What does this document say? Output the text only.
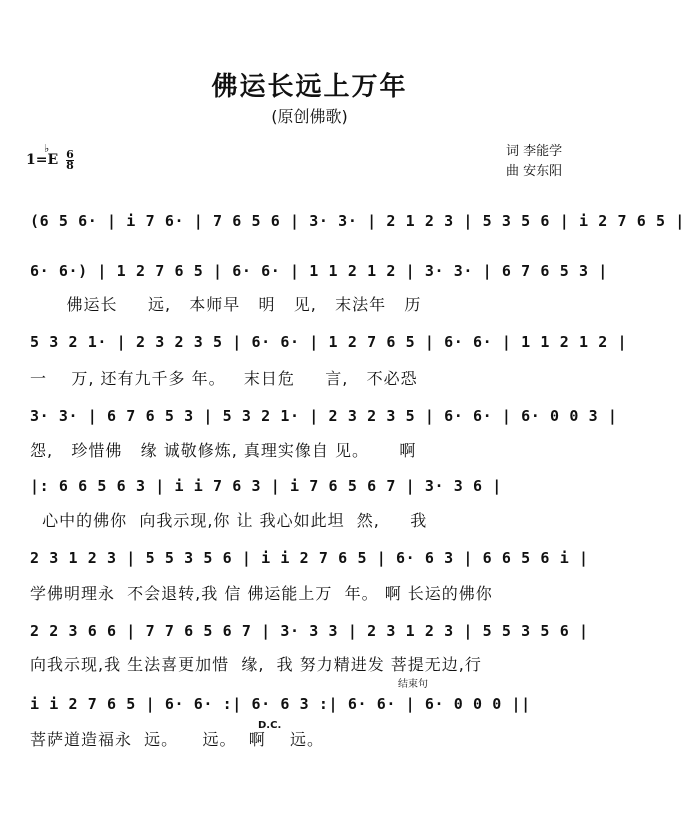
佛运长远上万年
(原创佛歌)
1=E
♭ 6
8
词 李能学
曲 安东阳
(6 5 6· | i 7 6· | 7 6 5 6 | 3· 3· | 2 1 2 3 | 5 3 5 6 | i 2 7 6 5 |
6· 6·) | 1 2 7 6 5 | 6· 6· | 1 1 2 1 2 | 3· 3· | 6 7 6 5 3 |
佛运长     远,   本师早   明   见,   末法年   历
5 3 2 1· | 2 3 2 3 5 | 6· 6· | 1 2 7 6 5 | 6· 6· | 1 1 2 1 2 |
一    万, 还有九千多 年。   末日危     言,   不必恐
3· 3· | 6 7 6 5 3 | 5 3 2 1· | 2 3 2 3 5 | 6· 6· | 6· 0 0 3 |
怨,   珍惜佛   缘 诚敬修炼, 真理实像自 见。     啊
|: 6 6 5 6 3 | i i 7 6 3 | i 7 6 5 6 7 | 3· 3 6 |
心中的佛你  向我示现,你 让 我心如此坦  然,     我
2 3 1 2 3 | 5 5 3 5 6 | i i 2 7 6 5 | 6· 6 3 | 6 6 5 6 i |
学佛明理永  不会退转,我 信 佛运能上万  年。 啊 长运的佛你
2 2 3 6 6 | 7 7 6 5 6 7 | 3· 3 3 | 2 3 1 2 3 | 5 5 3 5 6 |
向我示现,我 生法喜更加惜  缘,  我 努力精进发 菩提无边,行
结束句
i i 2 7 6 5 | 6· 6· :| 6· 6 3 :| 6· 6· | 6· 0 0 0 ||
D.C.
菩萨道造福永  远。    远。  啊    远。
